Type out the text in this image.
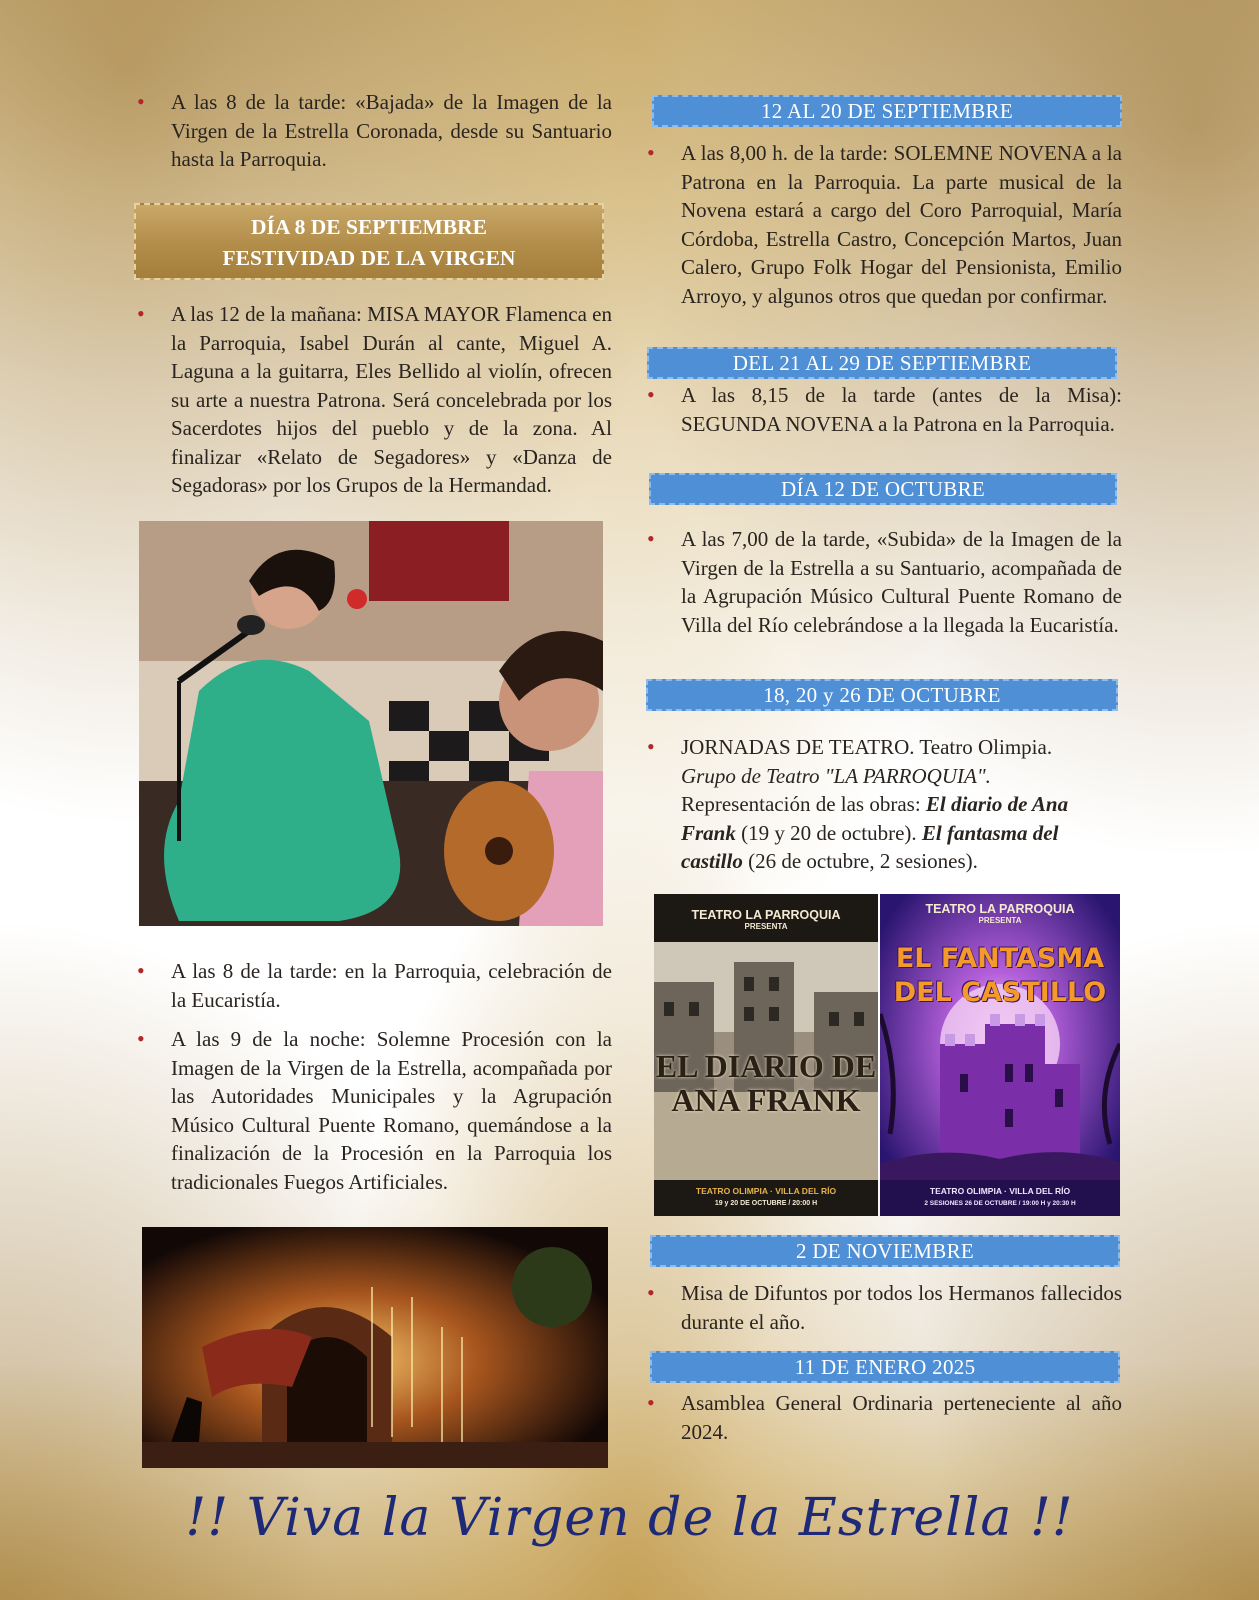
• A las 8 de la tarde: «Bajada» de la Imagen de la Virgen de la Estrella Coronada, desde su Santuario hasta la Parroquia.

DÍA 8 DE SEPTIEMBRE
FESTIVIDAD DE LA VIRGEN

• A las 12 de la mañana: MISA MAYOR Flamenca en la Parroquia, Isabel Durán al cante, Miguel A. Laguna a la guitarra, Eles Bellido al violín, ofrecen su arte a nuestra Patrona. Será concelebrada por los Sacerdotes hijos del pueblo y de la zona. Al finalizar «Relato de Segadores» y «Danza de Segadoras» por los Grupos de la Hermandad.

• A las 8 de la tarde: en la Parroquia, celebración de la Eucaristía.

• A las 9 de la noche: Solemne Procesión con la Imagen de la Virgen de la Estrella, acompañada por las Autoridades Municipales y la Agrupación Músico Cultural Puente Romano, quemándose a la finalización de la Procesión en la Parroquia los tradicionales Fuegos Artificiales.

12 AL 20 DE SEPTIEMBRE

• A las 8,00 h. de la tarde: SOLEMNE NOVENA a la Patrona en la Parroquia. La parte musical de la Novena estará a cargo del Coro Parroquial, María Córdoba, Estrella Castro, Concepción Martos, Juan Calero, Grupo Folk Hogar del Pensionista, Emilio Arroyo, y algunos otros que quedan por confirmar.

DEL 21 AL 29 DE SEPTIEMBRE

• A las 8,15 de la tarde (antes de la Misa): SEGUNDA NOVENA a la Patrona en la Parroquia.

DÍA 12 DE OCTUBRE

• A las 7,00 de la tarde, «Subida» de la Imagen de la Virgen de la Estrella a su Santuario, acompañada de la Agrupación Músico Cultural Puente Romano de Villa del Río celebrándose a la llegada la Eucaristía.

18, 20 y 26 DE OCTUBRE

• JORNADAS DE TEATRO. Teatro Olimpia.
Grupo de Teatro "LA PARROQUIA".
Representación de las obras: El diario de Ana Frank (19 y 20 de octubre). El fantasma del castillo (26 de octubre, 2 sesiones).

TEATRO LA PARROQUIA
PRESENTA
EL DIARIO DE
ANA FRANK
TEATRO OLIMPIA · VILLA DEL RÍO
19 y 20 DE OCTUBRE / 20:00 H
TEATRO LA PARROQUIA
PRESENTA
EL FANTASMA
DEL CASTILLO
TEATRO OLIMPIA · VILLA DEL RÍO
2 SESIONES 26 DE OCTUBRE / 19:00 H y 20:30 H
2 DE NOVIEMBRE

• Misa de Difuntos por todos los Hermanos fallecidos durante el año.

11 DE ENERO 2025

• Asamblea General Ordinaria perteneciente al año 2024.

!! Viva la Virgen de la Estrella !!
